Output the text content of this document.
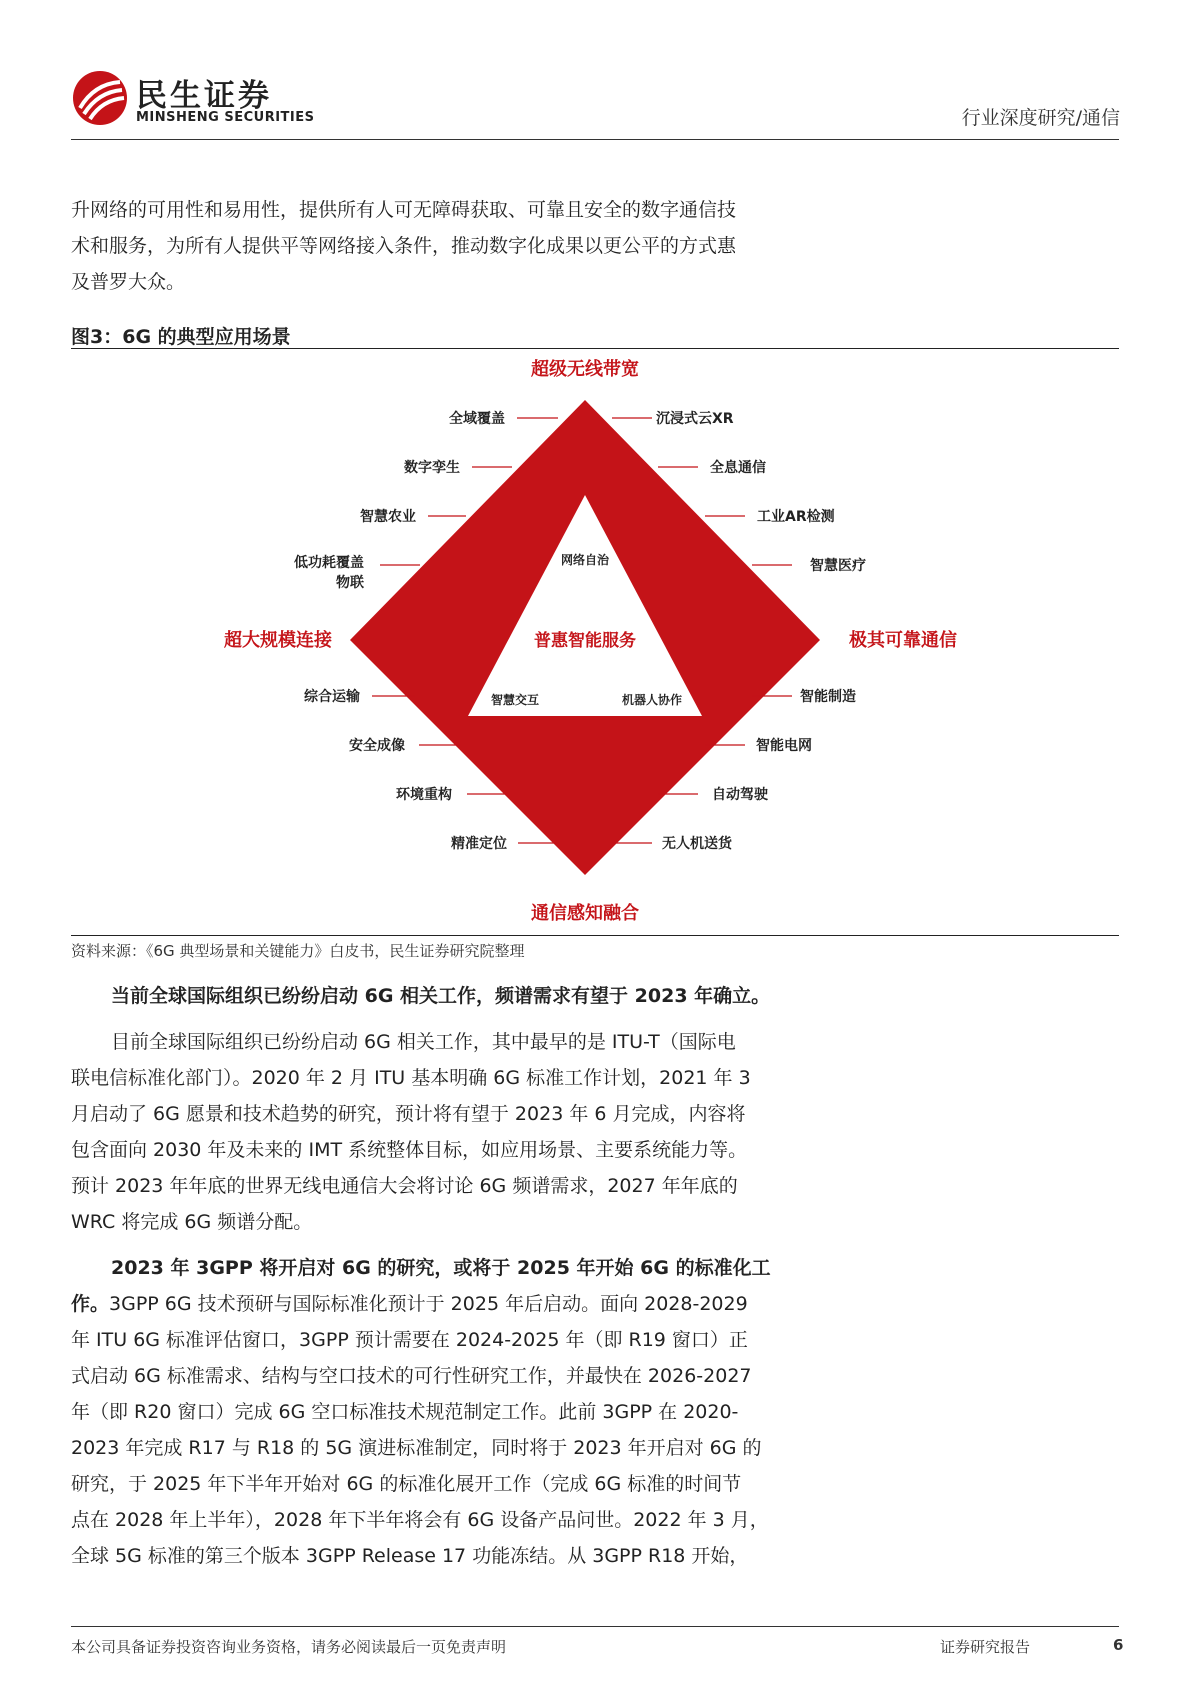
民生证券
MINSHENG SECURITIES	行业深度研究/通信

升网络的可用性和易用性，提供所有人可无障碍获取、可靠且安全的数字通信技

术和服务，为所有人提供平等网络接入条件，推动数字化成果以更公平的方式惠

及普罗大众。

图3：6G 的典型应用场景
超级无线带宽
超大规模连接	极其可靠通信
通信感知融合
普惠智能服务
网络自治
智慧交互	机器人协作
全域覆盖
数字孪生
智慧农业
低功耗覆盖
物联
沉浸式云XR
全息通信
工业AR检测
智慧医疗
综合运输
安全成像
环境重构
精准定位
智能制造
智能电网
自动驾驶
无人机送货
资料来源：《6G 典型场景和关键能力》白皮书，民生证券研究院整理

当前全球国际组织已纷纷启动 6G 相关工作，频谱需求有望于 2023 年确立。

目前全球国际组织已纷纷启动 6G 相关工作，其中最早的是 ITU-T（国际电

联电信标准化部门）。2020 年 2 月 ITU 基本明确 6G 标准工作计划，2021 年 3

月启动了 6G 愿景和技术趋势的研究，预计将有望于 2023 年 6 月完成，内容将

包含面向 2030 年及未来的 IMT 系统整体目标，如应用场景、主要系统能力等。

预计 2023 年年底的世界无线电通信大会将讨论 6G 频谱需求，2027 年年底的

WRC 将完成 6G 频谱分配。

2023 年 3GPP 将开启对 6G 的研究，或将于 2025 年开始 6G 的标准化工

作。3GPP 6G 技术预研与国际标准化预计于 2025 年后启动。面向 2028-2029

年 ITU 6G 标准评估窗口，3GPP 预计需要在 2024-2025 年（即 R19 窗口）正

式启动 6G 标准需求、结构与空口技术的可行性研究工作，并最快在 2026-2027

年（即 R20 窗口）完成 6G 空口标准技术规范制定工作。此前 3GPP 在 2020-

2023 年完成 R17 与 R18 的 5G 演进标准制定，同时将于 2023 年开启对 6G 的

研究，于 2025 年下半年开始对 6G 的标准化展开工作（完成 6G 标准的时间节

点在 2028 年上半年），2028 年下半年将会有 6G 设备产品问世。2022 年 3 月，

全球 5G 标准的第三个版本 3GPP Release 17 功能冻结。从 3GPP R18 开始，

本公司具备证券投资咨询业务资格，请务必阅读最后一页免责声明	证券研究报告	6
